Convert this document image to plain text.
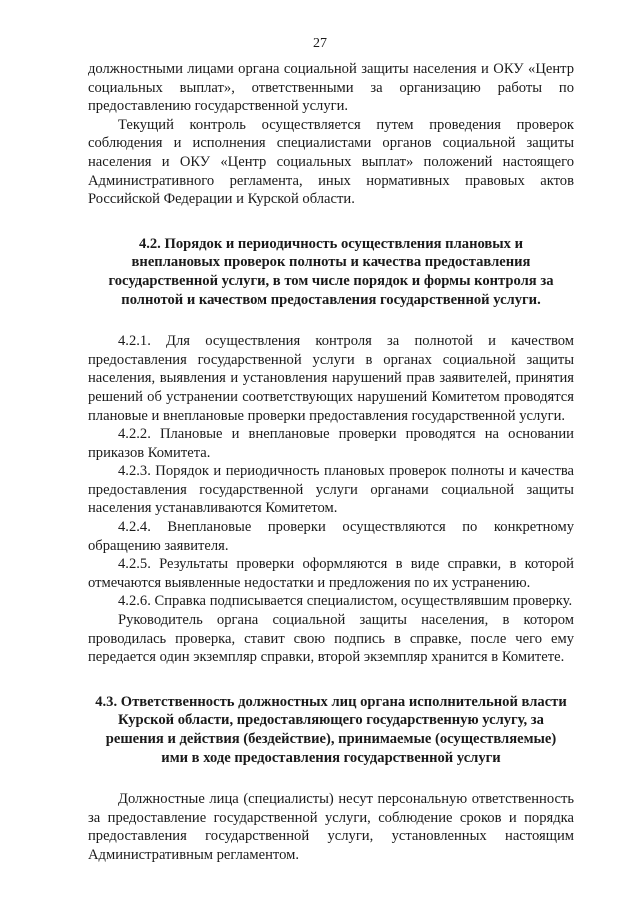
27

должностными лицами органа социальной защиты населения и ОКУ «Центр социальных выплат», ответственными за организацию работы по предоставлению государственной услуги.

Текущий контроль осуществляется путем проведения проверок соблюдения и исполнения специалистами органов социальной защиты населения и ОКУ «Центр социальных выплат» положений настоящего Административного регламента, иных нормативных правовых актов Российской Федерации и Курской области.

4.2. Порядок и периодичность осуществления плановых и внеплановых проверок полноты и качества предоставления государственной услуги, в том числе порядок и формы контроля за полнотой и качеством предоставления государственной услуги.

4.2.1. Для осуществления контроля за полнотой и качеством предоставления государственной услуги в органах социальной защиты населения, выявления и установления нарушений прав заявителей, принятия решений об устранении соответствующих нарушений Комитетом проводятся плановые и внеплановые проверки предоставления государственной услуги.

4.2.2. Плановые и внеплановые проверки проводятся на основании приказов Комитета.

4.2.3. Порядок и периодичность плановых проверок полноты и качества предоставления государственной услуги органами социальной защиты населения устанавливаются Комитетом.

4.2.4. Внеплановые проверки осуществляются по конкретному обращению заявителя.

4.2.5. Результаты проверки оформляются в виде справки, в которой отмечаются выявленные недостатки и предложения по их устранению.

4.2.6. Справка подписывается специалистом, осуществлявшим проверку.

Руководитель органа социальной защиты населения, в котором проводилась проверка, ставит свою подпись в справке, после чего ему передается один экземпляр справки, второй экземпляр хранится в Комитете.

4.3. Ответственность должностных лиц органа исполнительной власти Курской области, предоставляющего государственную услугу, за решения и действия (бездействие), принимаемые (осуществляемые) ими в ходе предоставления государственной услуги

Должностные лица (специалисты) несут персональную ответственность за предоставление государственной услуги, соблюдение сроков и порядка предоставления государственной услуги, установленных настоящим Административным регламентом.
